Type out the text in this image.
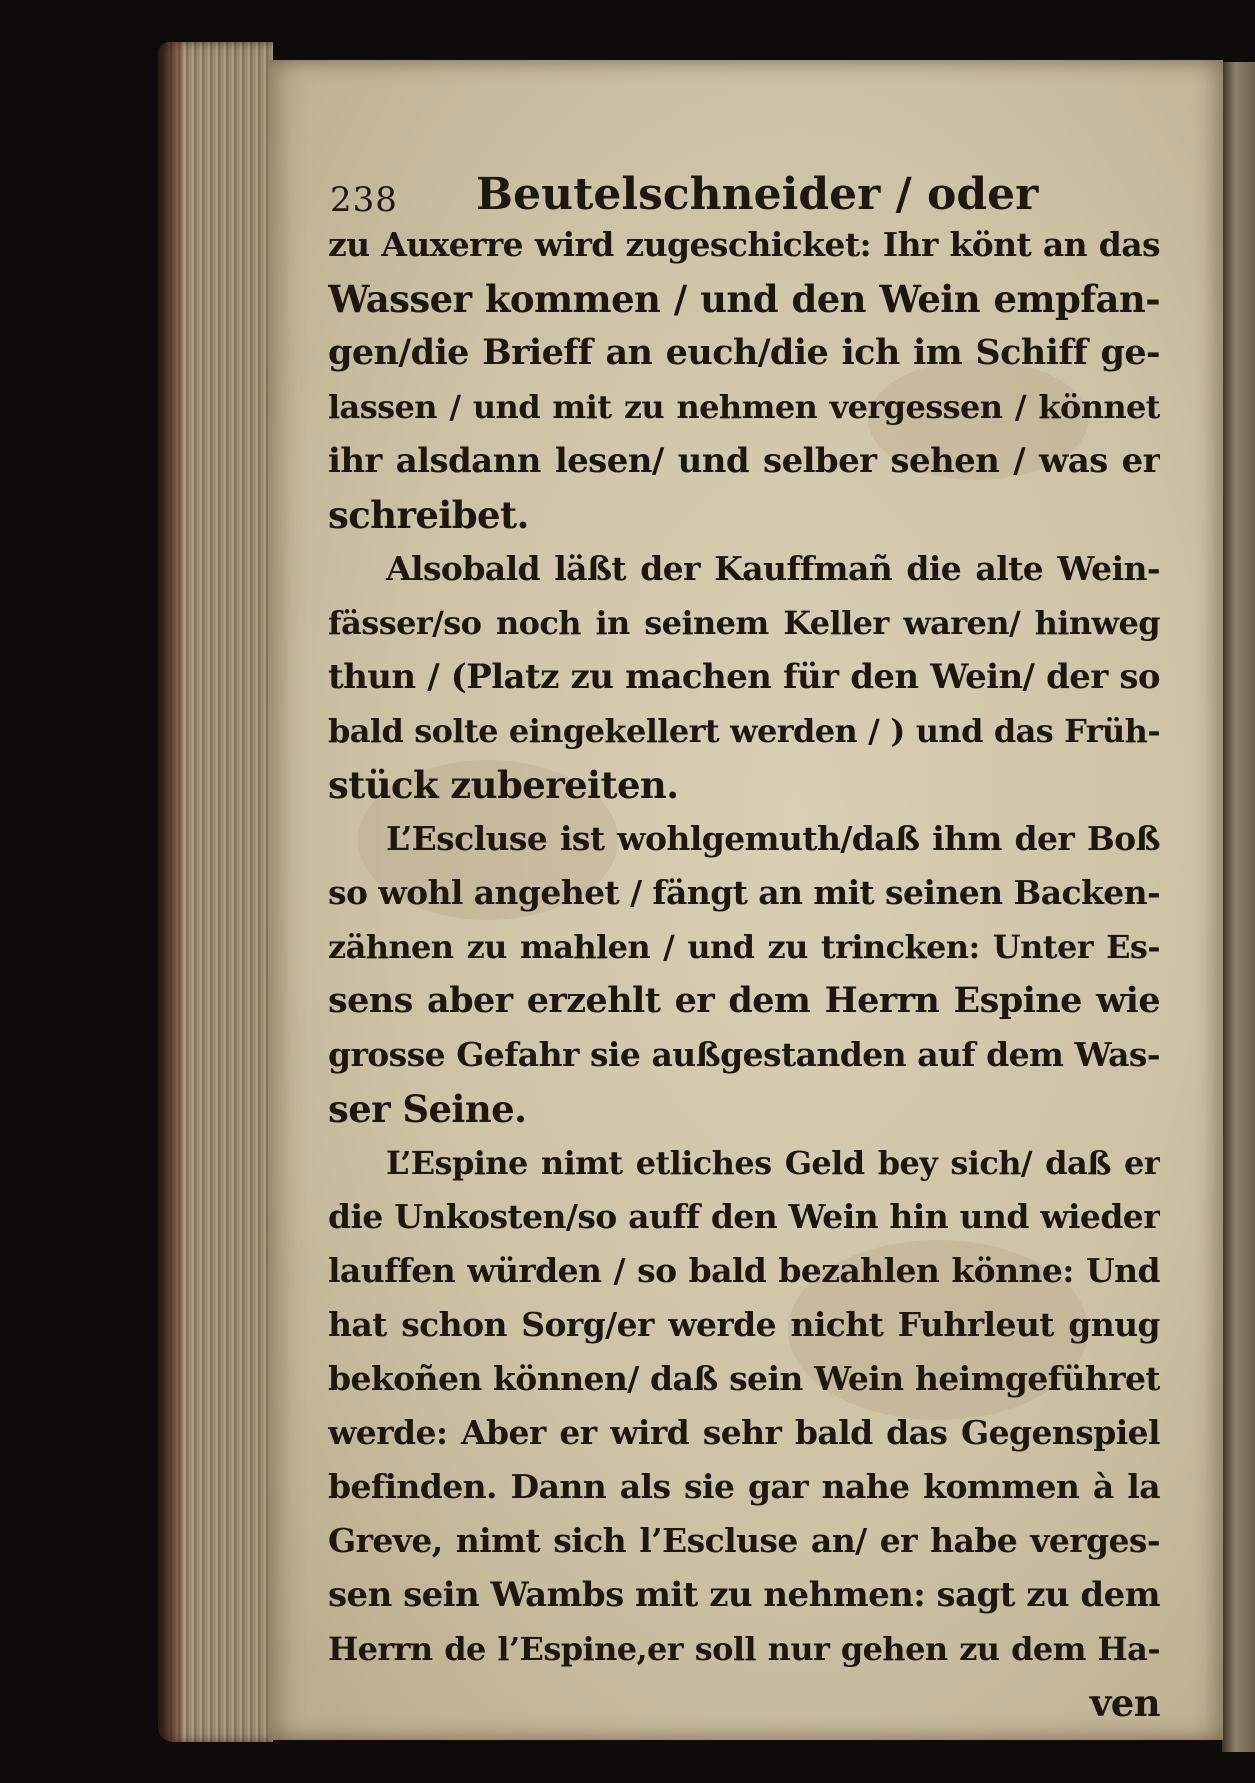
238 Beutelschneider / oder
zu Auxerre wird zugeschicket: Ihr könt an das
Wasser kommen / und den Wein empfan-
gen/die Brieff an euch/die ich im Schiff ge-
lassen / und mit zu nehmen vergessen / könnet
ihr alsdann lesen/ und selber sehen / was er
schreibet.
Alsobald läßt der Kauffmañ die alte Wein-
fässer/so noch in seinem Keller waren/ hinweg
thun / (Platz zu machen für den Wein/ der so
bald solte eingekellert werden / ) und das Früh-
stück zubereiten.
L’Escluse ist wohlgemuth/daß ihm der Boß
so wohl angehet / fängt an mit seinen Backen-
zähnen zu mahlen / und zu trincken: Unter Es-
sens aber erzehlt er dem Herrn Espine wie
grosse Gefahr sie außgestanden auf dem Was-
ser Seine.
L’Espine nimt etliches Geld bey sich/ daß er
die Unkosten/so auff den Wein hin und wieder
lauffen würden / so bald bezahlen könne: Und
hat schon Sorg/er werde nicht Fuhrleut gnug
bekoñen können/ daß sein Wein heimgeführet
werde: Aber er wird sehr bald das Gegenspiel
befinden. Dann als sie gar nahe kommen à la
Greve, nimt sich l’Escluse an/ er habe verges-
sen sein Wambs mit zu nehmen: sagt zu dem
Herrn de l’Espine,er soll nur gehen zu dem Ha-
ven
